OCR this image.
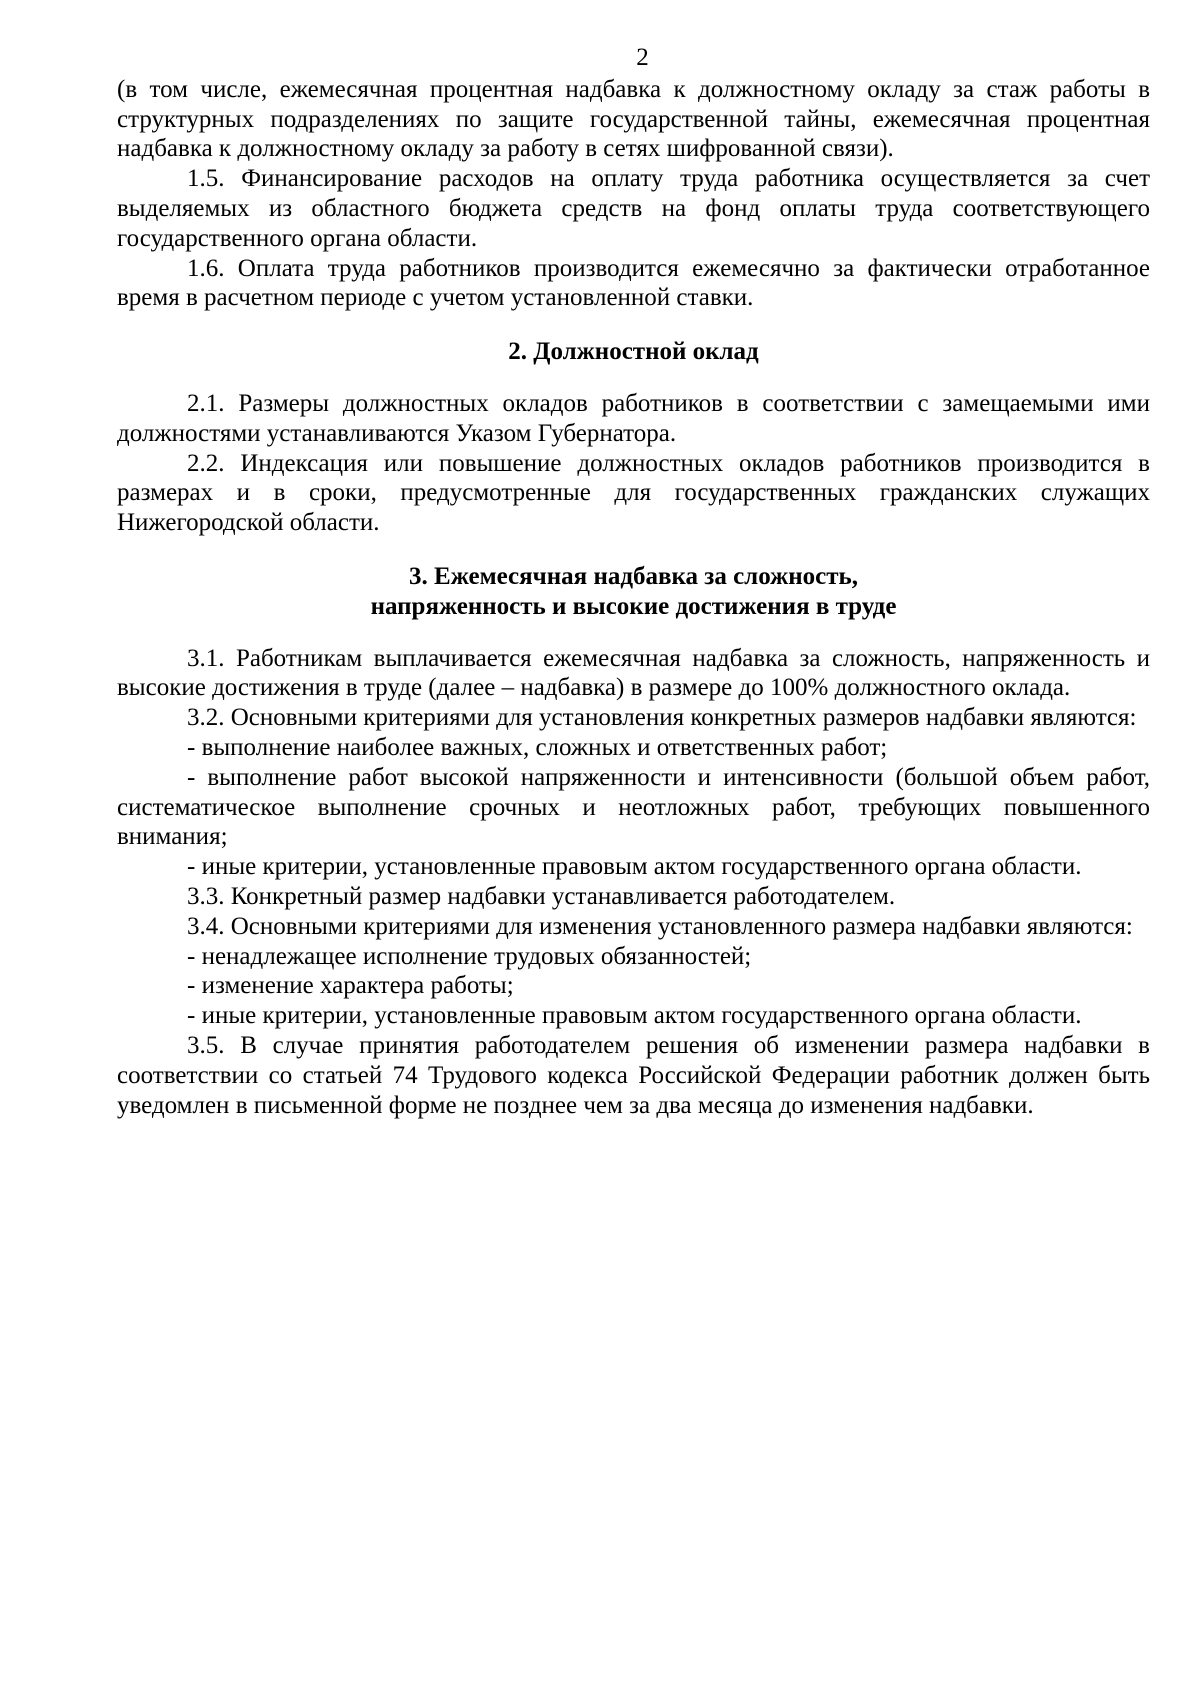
2

(в том числе, ежемесячная процентная надбавка к должностному окладу за стаж работы в структурных подразделениях по защите государственной тайны, ежемесячная процентная надбавка к должностному окладу за работу в сетях шифрованной связи).

1.5. Финансирование расходов на оплату труда работника осуществляется за счет выделяемых из областного бюджета средств на фонд оплаты труда соответствующего государственного органа области.

1.6. Оплата труда работников производится ежемесячно за фактически отработанное время в расчетном периоде с учетом установленной ставки.

2. Должностной оклад

2.1. Размеры должностных окладов работников в соответствии с замещаемыми ими должностями устанавливаются Указом Губернатора.

2.2. Индексация или повышение должностных окладов работников производится в размерах и в сроки, предусмотренные для государственных гражданских служащих Нижегородской области.

3. Ежемесячная надбавка за сложность,
напряженность и высокие достижения в труде

3.1. Работникам выплачивается ежемесячная надбавка за сложность, напряженность и высокие достижения в труде (далее – надбавка) в размере до 100% должностного оклада.

3.2. Основными критериями для установления конкретных размеров надбавки являются:

- выполнение наиболее важных, сложных и ответственных работ;

- выполнение работ высокой напряженности и интенсивности (большой объем работ, систематическое выполнение срочных и неотложных работ, требующих повышенного внимания;

- иные критерии, установленные правовым актом государственного органа области.

3.3. Конкретный размер надбавки устанавливается работодателем.

3.4. Основными критериями для изменения установленного размера надбавки являются:

- ненадлежащее исполнение трудовых обязанностей;

- изменение характера работы;

- иные критерии, установленные правовым актом государственного органа области.

3.5. В случае принятия работодателем решения об изменении размера надбавки в соответствии со статьей 74 Трудового кодекса Российской Федерации работник должен быть уведомлен в письменной форме не позднее чем за два месяца до изменения надбавки.
